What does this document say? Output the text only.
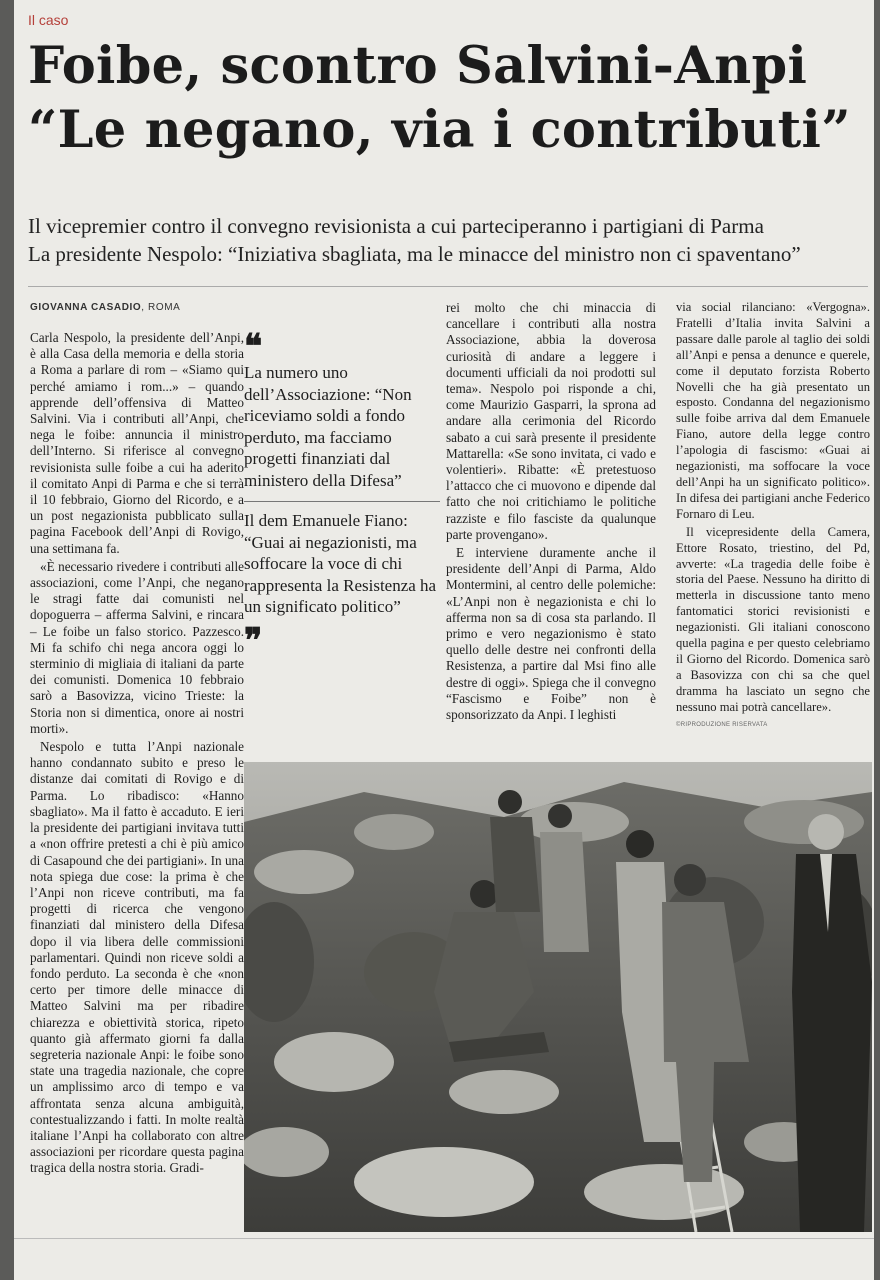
Il caso
Foibe, scontro Salvini-Anpi
“Le negano, via i contributi”
Il vicepremier contro il convegno revisionista a cui parteciperanno i partigiani di Parma
La presidente Nespolo: “Iniziativa sbagliata, ma le minacce del ministro non ci spaventano”
GIOVANNA CASADIO, ROMA

Carla Nespolo, la presidente dell’Anpi, è alla Casa della memoria e della storia a Roma a parlare di rom – «Siamo qui perché amiamo i rom...» – quando apprende dell’offensiva di Matteo Salvini. Via i contributi all’Anpi, che nega le foibe: annuncia il ministro dell’Interno. Si riferisce al convegno revisionista sulle foibe a cui ha aderito il comitato Anpi di Parma e che si terrà il 10 febbraio, Giorno del Ricordo, e a un post negazionista pubblicato sulla pagina Facebook dell’Anpi di Rovigo, una settimana fa.

«È necessario rivedere i contributi alle associazioni, come l’Anpi, che negano le stragi fatte dai comunisti nel dopoguerra – afferma Salvini, e rincara – Le foibe un falso storico. Pazzesco. Mi fa schifo chi nega ancora oggi lo sterminio di migliaia di italiani da parte dei comunisti. Domenica 10 febbraio sarò a Basovizza, vicino Trieste: la Storia non si dimentica, onore ai nostri morti».

Nespolo e tutta l’Anpi nazionale hanno condannato subito e preso le distanze dai comitati di Rovigo e di Parma. Lo ribadisco: «Hanno sbagliato». Ma il fatto è accaduto. E ieri la presidente dei partigiani invitava tutti a «non offrire pretesti a chi è più amico di Casapound che dei partigiani». In una nota spiega due cose: la prima è che l’Anpi non riceve contributi, ma fa progetti di ricerca che vengono finanziati dal ministero della Difesa dopo il via libera delle commissioni parlamentari. Quindi non riceve soldi a fondo perduto. La seconda è che «non certo per timore delle minacce di Matteo Salvini ma per ribadire chiarezza e obiettività storica, ripeto quanto già affermato giorni fa dalla segreteria nazionale Anpi: le foibe sono state una tragedia nazionale, che copre un amplissimo arco di tempo e va affrontata senza alcuna ambiguità, contestualizzando i fatti. In molte realtà italiane l’Anpi ha collaborato con altre associazioni per ricordare questa pagina tragica della nostra storia. Gradi-

❝
La numero uno dell’Associazione: “Non riceviamo soldi a fondo perduto, ma facciamo progetti finanziati dal ministero della Difesa”
Il dem Emanuele Fiano: “Guai ai negazionisti, ma soffocare la voce di chi rappresenta la Resistenza ha un significato politico”
❞

rei molto che chi minaccia di cancellare i contributi alla nostra Associazione, abbia la doverosa curiosità di andare a leggere i documenti ufficiali da noi prodotti sul tema». Nespolo poi risponde a chi, come Maurizio Gasparri, la sprona ad andare alla cerimonia del Ricordo sabato a cui sarà presente il presidente Mattarella: «Se sono invitata, ci vado e volentieri». Ribatte: «È pretestuoso l’attacco che ci muovono e dipende dal fatto che noi critichiamo le politiche razziste e filo fasciste da qualunque parte provengano».

E interviene duramente anche il presidente dell’Anpi di Parma, Aldo Montermini, al centro delle polemiche: «L’Anpi non è negazionista e chi lo afferma non sa di cosa sta parlando. Il primo e vero negazionismo è stato quello delle destre nei confronti della Resistenza, a partire dal Msi fino alle destre di oggi». Spiega che il convegno “Fascismo e Foibe” non è sponsorizzato da Anpi. I leghisti

via social rilanciano: «Vergogna». Fratelli d’Italia invita Salvini a passare dalle parole al taglio dei soldi all’Anpi e pensa a denunce e querele, come il deputato forzista Roberto Novelli che ha già presentato un esposto. Condanna del negazionismo sulle foibe arriva dal dem Emanuele Fiano, autore della legge contro l’apologia di fascismo: «Guai ai negazionisti, ma soffocare la voce dell’Anpi ha un significato politico». In difesa dei partigiani anche Federico Fornaro di Leu.

Il vicepresidente della Camera, Ettore Rosato, triestino, del Pd, avverte: «La tragedia delle foibe è storia del Paese. Nessuno ha diritto di metterla in discussione tanto meno fantomatici storici revisionisti e negazionisti. Gli italiani conoscono quella pagina e per questo celebriamo il Giorno del Ricordo. Domenica sarò a Basovizza con chi sa che quel dramma ha lasciato un segno che nessuno mai potrà cancellare».

©RIPRODUZIONE RISERVATA
